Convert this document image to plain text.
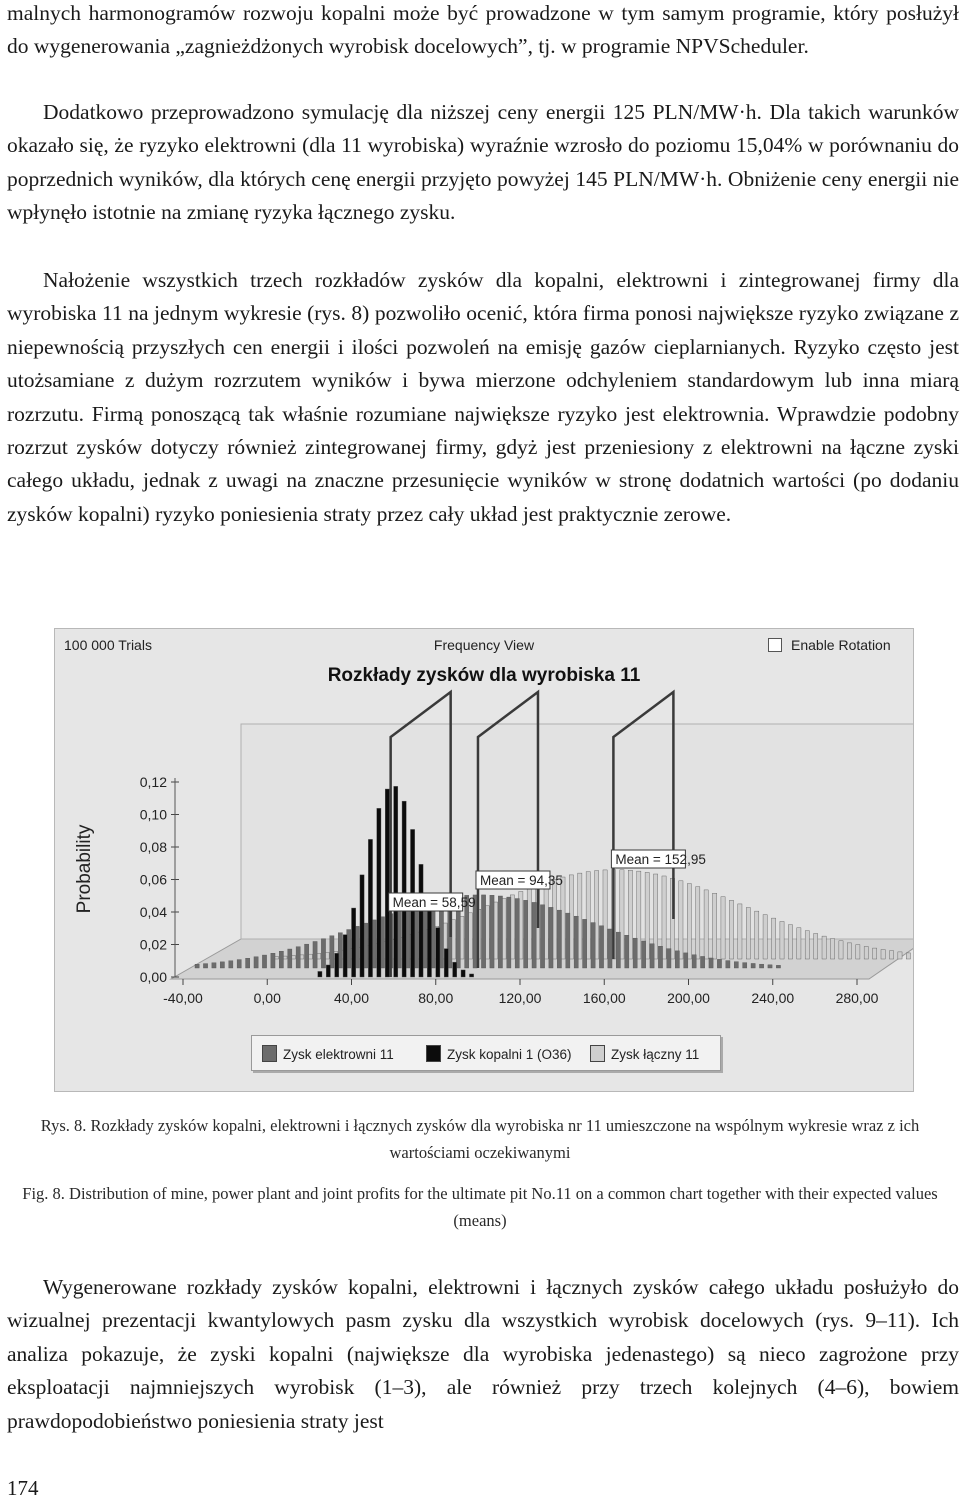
malnych harmonogramów rozwoju kopalni może być prowadzone w tym samym programie, który posłużył do wygenerowania „zagnieżdżonych wyrobisk docelowych”, tj. w programie NPVScheduler.

Dodatkowo przeprowadzono symulację dla niższej ceny energii 125 PLN/MW·h. Dla takich warunków okazało się, że ryzyko elektrowni (dla 11 wyrobiska) wyraźnie wzrosło do poziomu 15,04% w porównaniu do poprzednich wyników, dla których cenę energii przyjęto powyżej 145 PLN/MW·h. Obniżenie ceny energii nie wpłynęło istotnie na zmianę ryzyka łącznego zysku.

Nałożenie wszystkich trzech rozkładów zysków dla kopalni, elektrowni i zintegrowanej firmy dla wyrobiska 11 na jednym wykresie (rys. 8) pozwoliło ocenić, która firma ponosi największe ryzyko związane z niepewnością przyszłych cen energii i ilości pozwoleń na emisję gazów cieplarnianych. Ryzyko często jest utożsamiane z dużym rozrzutem wyników i bywa mierzone odchyleniem standardowym lub inna miarą rozrzutu. Firmą ponoszącą tak właśnie rozumiane największe ryzyko jest elektrownia. Wprawdzie podobny rozrzut zysków dotyczy również zintegrowanej firmy, gdyż jest przeniesiony z elektrowni na łączne zyski całego układu, jednak z uwagi na znaczne przesunięcie wyników w stronę dodatnich wartości (po dodaniu zysków kopalni) ryzyko poniesienia straty przez cały układ jest praktycznie zerowe.

100 000 Trials	Frequency View	Enable Rotation
Rozkłady zysków dla wyrobiska 11
0,00
0,02
0,04
0,06
0,08
0,10
0,12
-40,00	0,00	40,00	80,00	120,00	160,00	200,00	240,00	280,00
Mean = 152,95
Mean = 94,35
Mean = 58,59
Probability
Zysk elektrowni 11	Zysk kopalni 1 (O36)	Zysk łączny 11
Rys. 8. Rozkłady zysków kopalni, elektrowni i łącznych zysków dla wyrobiska nr 11 umieszczone na wspólnym wykresie wraz z ich wartościami oczekiwanymi
Fig. 8. Distribution of mine, power plant and joint profits for the ultimate pit No.11 on a common chart together with their expected values (means)

Wygenerowane rozkłady zysków kopalni, elektrowni i łącznych zysków całego układu posłużyło do wizualnej prezentacji kwantylowych pasm zysku dla wszystkich wyrobisk docelowych (rys. 9–11). Ich analiza pokazuje, że zyski kopalni (największe dla wyrobiska jedenastego) są nieco zagrożone przy eksploatacji najmniejszych wyrobisk (1–3), ale również przy trzech kolejnych (4–6), bowiem prawdopodobieństwo poniesienia straty jest

174
